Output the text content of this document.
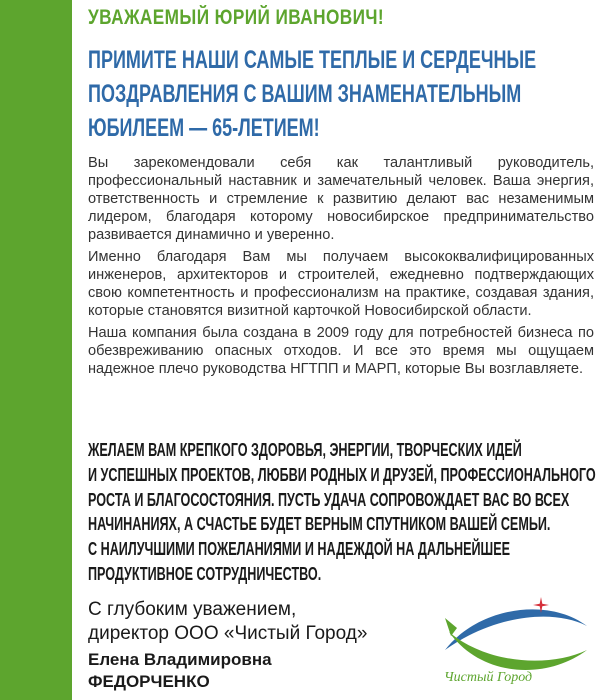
УВАЖАЕМЫЙ ЮРИЙ ИВАНОВИЧ!
ПРИМИТЕ НАШИ САМЫЕ ТЕПЛЫЕ И СЕРДЕЧНЫЕ
ПОЗДРАВЛЕНИЯ С ВАШИМ ЗНАМЕНАТЕЛЬНЫМ
ЮБИЛЕЕМ — 65-ЛЕТИЕМ!

Вы зарекомендовали себя как талантливый руководитель, профессиональный наставник и замечательный человек. Ваша энергия, ответственность и стремление к развитию делают вас незаменимым лидером, благодаря которому новосибирское предпринимательство развивается динамично и уверенно.

Именно благодаря Вам мы получаем высококвалифицированных инженеров, архитекторов и строителей, ежедневно подтверждающих свою компетентность и профессионализм на практике, создавая здания, которые становятся визитной карточкой Новосибирской области.

Наша компания была создана в 2009 году для потребностей бизнеса по обезвреживанию опасных отходов. И все это время мы ощущаем надежное плечо руководства НГТПП и МАРП, которые Вы возглавляете.

ЖЕЛАЕМ ВАМ КРЕПКОГО ЗДОРОВЬЯ, ЭНЕРГИИ, ТВОРЧЕСКИХ ИДЕЙ
И УСПЕШНЫХ ПРОЕКТОВ, ЛЮБВИ РОДНЫХ И ДРУЗЕЙ, ПРОФЕССИОНАЛЬНОГО
РОСТА И БЛАГОСОСТОЯНИЯ. ПУСТЬ УДАЧА СОПРОВОЖДАЕТ ВАС ВО ВСЕХ
НАЧИНАНИЯХ, А СЧАСТЬЕ БУДЕТ ВЕРНЫМ СПУТНИКОМ ВАШЕЙ СЕМЬИ.
С НАИЛУЧШИМИ ПОЖЕЛАНИЯМИ И НАДЕЖДОЙ НА ДАЛЬНЕЙШЕЕ
ПРОДУКТИВНОЕ СОТРУДНИЧЕСТВО.
С глубоким уважением,
директор ООО «Чистый Город»
Елена Владимировна
ФЕДОРЧЕНКО	Чистый Город
